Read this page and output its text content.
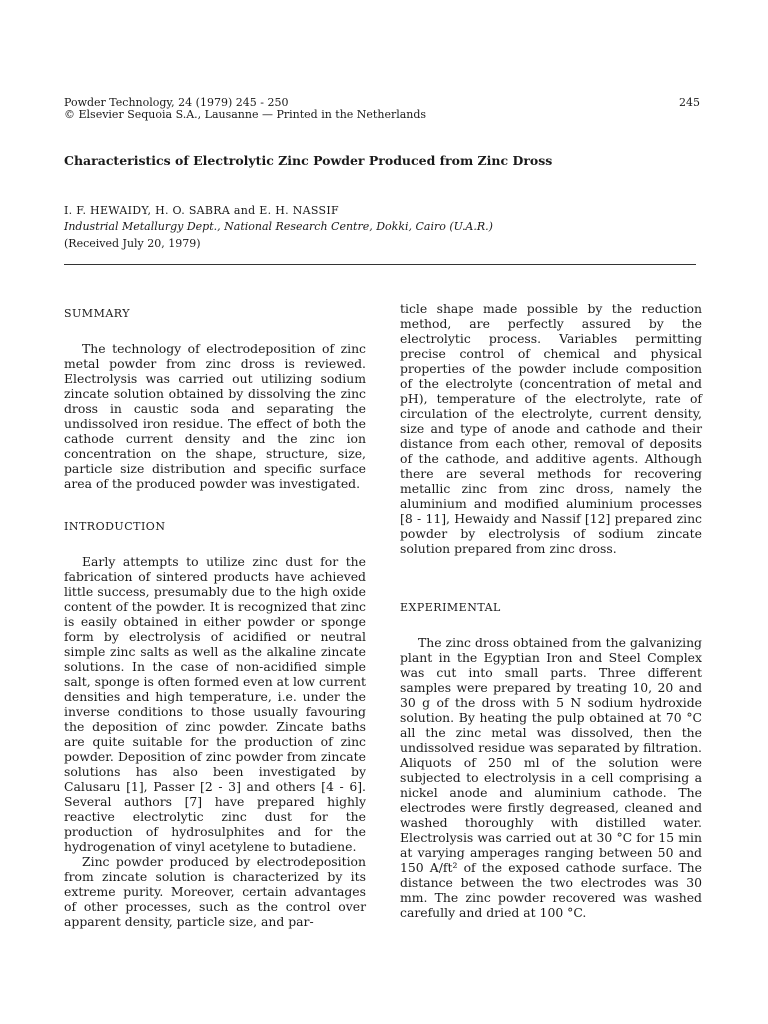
Powder Technology, 24 (1979) 245 - 250
© Elsevier Sequoia S.A., Lausanne — Printed in the Netherlands
245
Characteristics of Electrolytic Zinc Powder Produced from Zinc Dross
I. F. HEWAIDY, H. O. SABRA and E. H. NASSIF
Industrial Metallurgy Dept., National Research Centre, Dokki, Cairo (U.A.R.)
(Received July 20, 1979)
SUMMARY

The technology of electrodeposition of zinc metal powder from zinc dross is reviewed. Electrolysis was carried out utilizing sodium zincate solution obtained by dissolving the zinc dross in caustic soda and separating the undissolved iron residue. The effect of both the cathode current density and the zinc ion concentration on the shape, structure, size, particle size distribution and specific surface area of the produced powder was investigated.

INTRODUCTION

Early attempts to utilize zinc dust for the fabrication of sintered products have achieved little success, presumably due to the high oxide content of the powder. It is recognized that zinc is easily obtained in either powder or sponge form by electrolysis of acidified or neutral simple zinc salts as well as the alkaline zincate solutions. In the case of non-acidified simple salt, sponge is often formed even at low current densities and high temperature, i.e. under the inverse conditions to those usually favouring the deposition of zinc powder. Zincate baths are quite suitable for the production of zinc powder. Deposition of zinc powder from zincate solutions has also been investigated by Calusaru [1], Passer [2 - 3] and others [4 - 6]. Several authors [7] have prepared highly reactive electrolytic zinc dust for the production of hydrosulphites and for the hydrogenation of vinyl acetylene to butadiene.

Zinc powder produced by electrodeposition from zincate solution is characterized by its extreme purity. Moreover, certain advantages of other processes, such as the control over apparent density, particle size, and par-

ticle shape made possible by the reduction method, are perfectly assured by the electrolytic process. Variables permitting precise control of chemical and physical properties of the powder include composition of the electrolyte (concentration of metal and pH), temperature of the electrolyte, rate of circulation of the electrolyte, current density, size and type of anode and cathode and their distance from each other, removal of deposits of the cathode, and additive agents. Although there are several methods for recovering metallic zinc from zinc dross, namely the aluminium and modified aluminium processes [8 - 11], Hewaidy and Nassif [12] prepared zinc powder by electrolysis of sodium zincate solution prepared from zinc dross.

EXPERIMENTAL

The zinc dross obtained from the galvanizing plant in the Egyptian Iron and Steel Complex was cut into small parts. Three different samples were prepared by treating 10, 20 and 30 g of the dross with 5 N sodium hydroxide solution. By heating the pulp obtained at 70 °C all the zinc metal was dissolved, then the undissolved residue was separated by filtration. Aliquots of 250 ml of the solution were subjected to electrolysis in a cell comprising a nickel anode and aluminium cathode. The electrodes were firstly degreased, cleaned and washed thoroughly with distilled water. Electrolysis was carried out at 30 °C for 15 min at varying amperages ranging between 50 and 150 A/ft² of the exposed cathode surface. The distance between the two electrodes was 30 mm. The zinc powder recovered was washed carefully and dried at 100 °C.
